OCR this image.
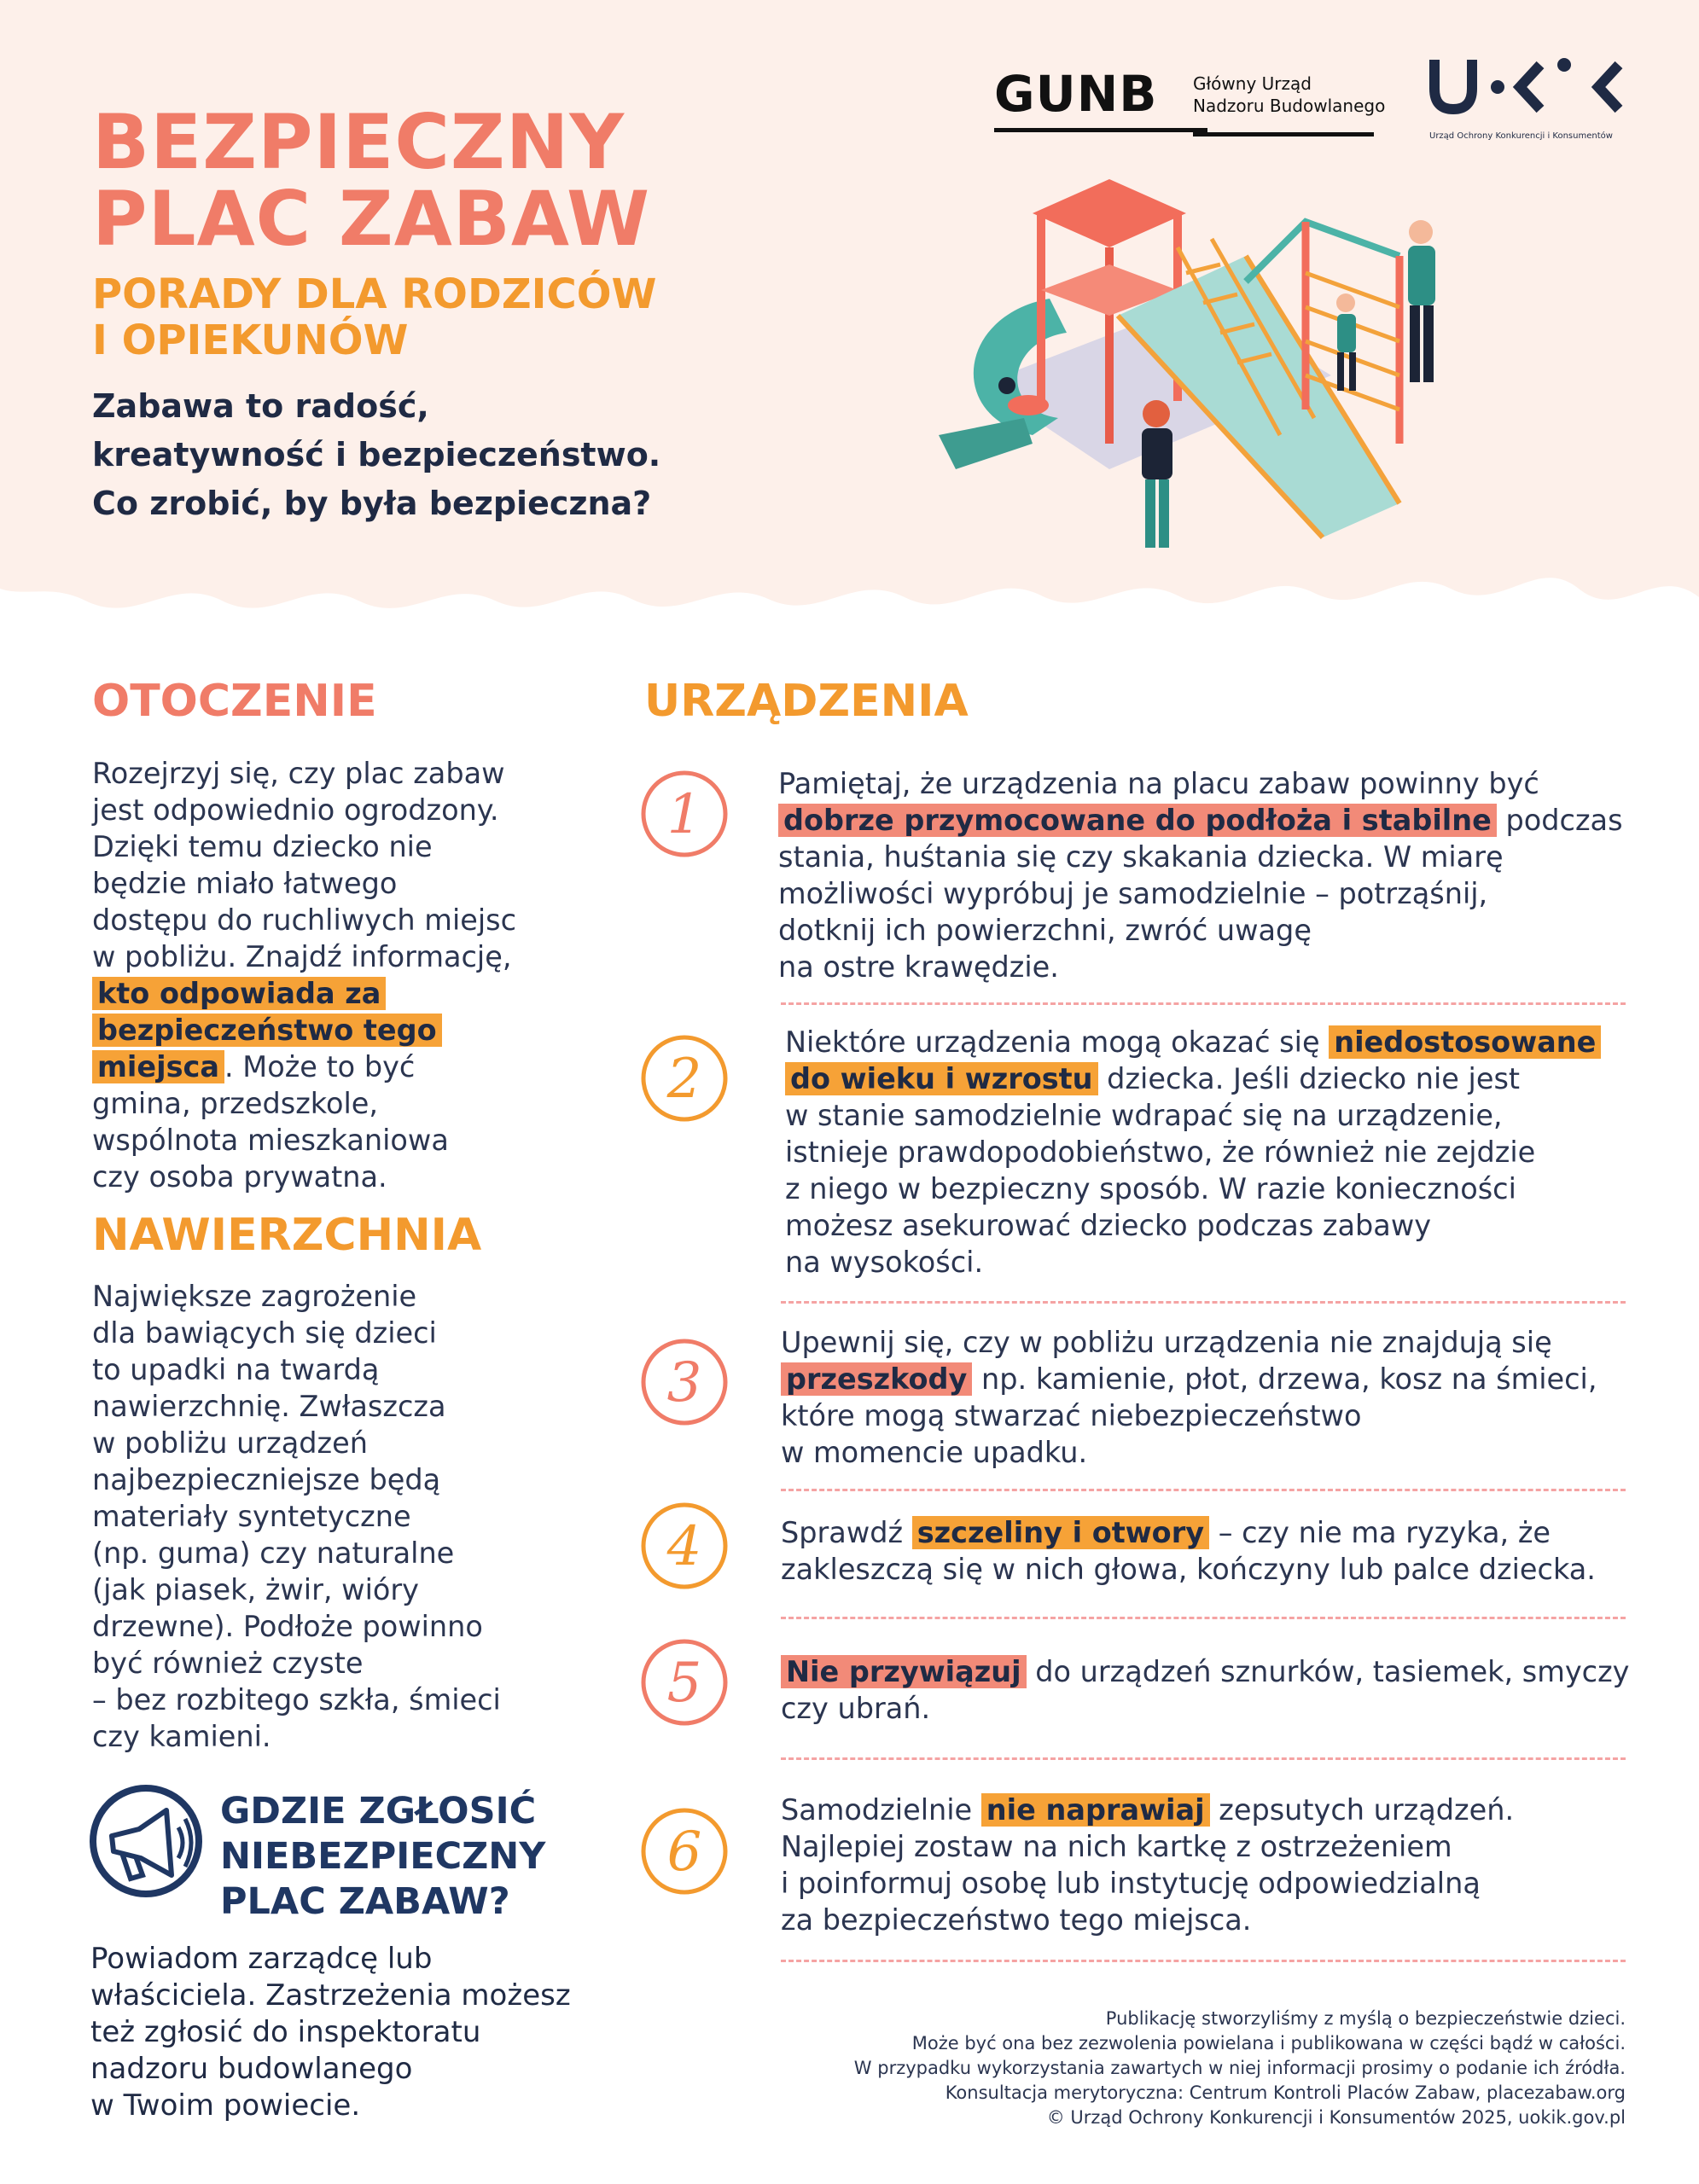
GUNB	Główny Urząd
Nadzoru Budowlanego
Urząd Ochrony Konkurencji i Konsumentów
BEZPIECZNY
PLAC ZABAW
PORADY DLA RODZICÓW
I OPIEKUNÓW
Zabawa to radość,
kreatywność i bezpieczeństwo.
Co zrobić, by była bezpieczna?
OTOCZENIE

Rozejrzyj się, czy plac zabaw

jest odpowiednio ogrodzony.

Dzięki temu dziecko nie

będzie miało łatwego

dostępu do ruchliwych miejsc

w pobliżu. Znajdź informację,

kto odpowiada za

bezpieczeństwo tego

miejsca . Może to być

gmina, przedszkole,

wspólnota mieszkaniowa

czy osoba prywatna.

NAWIERZCHNIA

Największe zagrożenie

dla bawiących się dzieci

to upadki na twardą

nawierzchnię. Zwłaszcza

w pobliżu urządzeń

najbezpieczniejsze będą

materiały syntetyczne

(np. guma) czy naturalne

(jak piasek, żwir, wióry

drzewne). Podłoże powinno

być również czyste

– bez rozbitego szkła, śmieci

czy kamieni.

GDZIE ZGŁOSIĆ
NIEBEZPIECZNY
PLAC ZABAW?

Powiadom zarządcę lub

właściciela. Zastrzeżenia możesz

też zgłosić do inspektoratu

nadzoru budowlanego

w Twoim powiecie.

URZĄDZENIA
1	Pamiętaj, że urządzenia na placu zabaw powinny być
dobrze przymocowane do podłoża i stabilne podczas
stania, huśtania się czy skakania dziecka. W miarę
możliwości wypróbuj je samodzielnie – potrząśnij,
dotknij ich powierzchni, zwróć uwagę
na ostre krawędzie.
2
Niektóre urządzenia mogą okazać się niedostosowane
do wieku i wzrostu dziecka. Jeśli dziecko nie jest
w stanie samodzielnie wdrapać się na urządzenie,
istnieje prawdopodobieństwo, że również nie zejdzie
z niego w bezpieczny sposób. W razie konieczności
możesz asekurować dziecko podczas zabawy
na wysokości.
3
Upewnij się, czy w pobliżu urządzenia nie znajdują się
przeszkody np. kamienie, płot, drzewa, kosz na śmieci,
które mogą stwarzać niebezpieczeństwo
w momencie upadku.
4	Sprawdź szczeliny i otwory – czy nie ma ryzyka, że
zakleszczą się w nich głowa, kończyny lub palce dziecka.
5	Nie przywiązuj do urządzeń sznurków, tasiemek, smyczy
czy ubrań.
6
Samodzielnie nie naprawiaj zepsutych urządzeń.
Najlepiej zostaw na nich kartkę z ostrzeżeniem
i poinformuj osobę lub instytucję odpowiedzialną
za bezpieczeństwo tego miejsca.
Publikację stworzyliśmy z myślą o bezpieczeństwie dzieci.
Może być ona bez zezwolenia powielana i publikowana w części bądź w całości.
W przypadku wykorzystania zawartych w niej informacji prosimy o podanie ich źródła.
Konsultacja merytoryczna: Centrum Kontroli Placów Zabaw, placezabaw.org
© Urząd Ochrony Konkurencji i Konsumentów 2025, uokik.gov.pl
